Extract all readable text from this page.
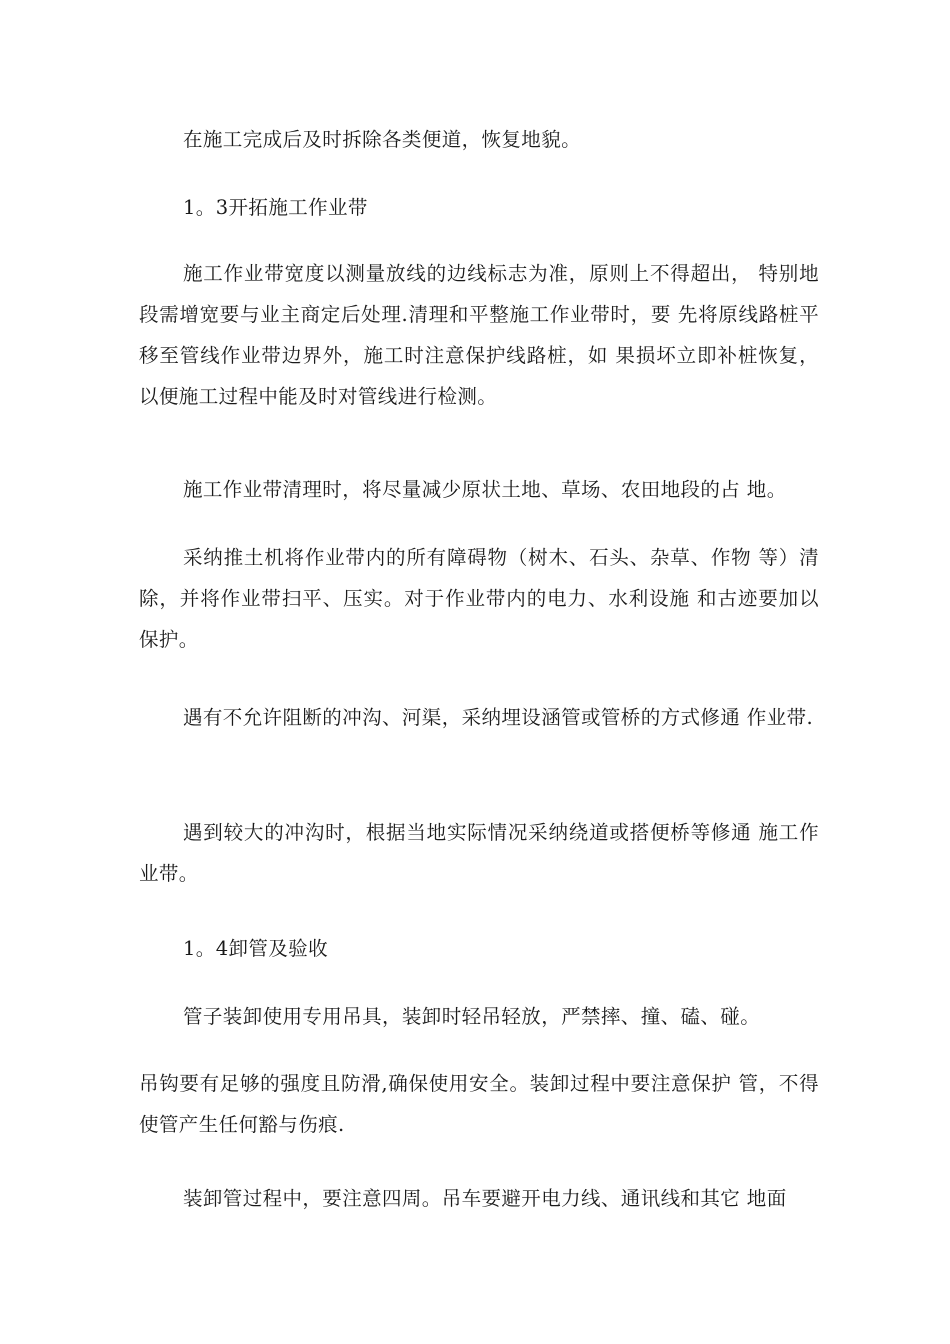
在施工完成后及时拆除各类便道，恢复地貌。

1。3开拓施工作业带

施工作业带宽度以测量放线的边线标志为准，原则上不得超出， 特别地段需增宽要与业主商定后处理.清理和平整施工作业带时，要 先将原线路桩平移至管线作业带边界外，施工时注意保护线路桩，如 果损坏立即补桩恢复，以便施工过程中能及时对管线进行检测。

施工作业带清理时，将尽量减少原状土地、草场、农田地段的占 地。

采纳推土机将作业带内的所有障碍物（树木、石头、杂草、作物 等）清除，并将作业带扫平、压实。对于作业带内的电力、水利设施 和古迹要加以保护。

遇有不允许阻断的冲沟、河渠，采纳埋设涵管或管桥的方式修通 作业带.

遇到较大的冲沟时，根据当地实际情况采纳绕道或搭便桥等修通 施工作业带。

1。4卸管及验收

管子装卸使用专用吊具，装卸时轻吊轻放，严禁摔、撞、磕、碰。

吊钩要有足够的强度且防滑,确保使用安全。装卸过程中要注意保护 管，不得使管产生任何豁与伤痕.

装卸管过程中，要注意四周。吊车要避开电力线、通讯线和其它 地面
